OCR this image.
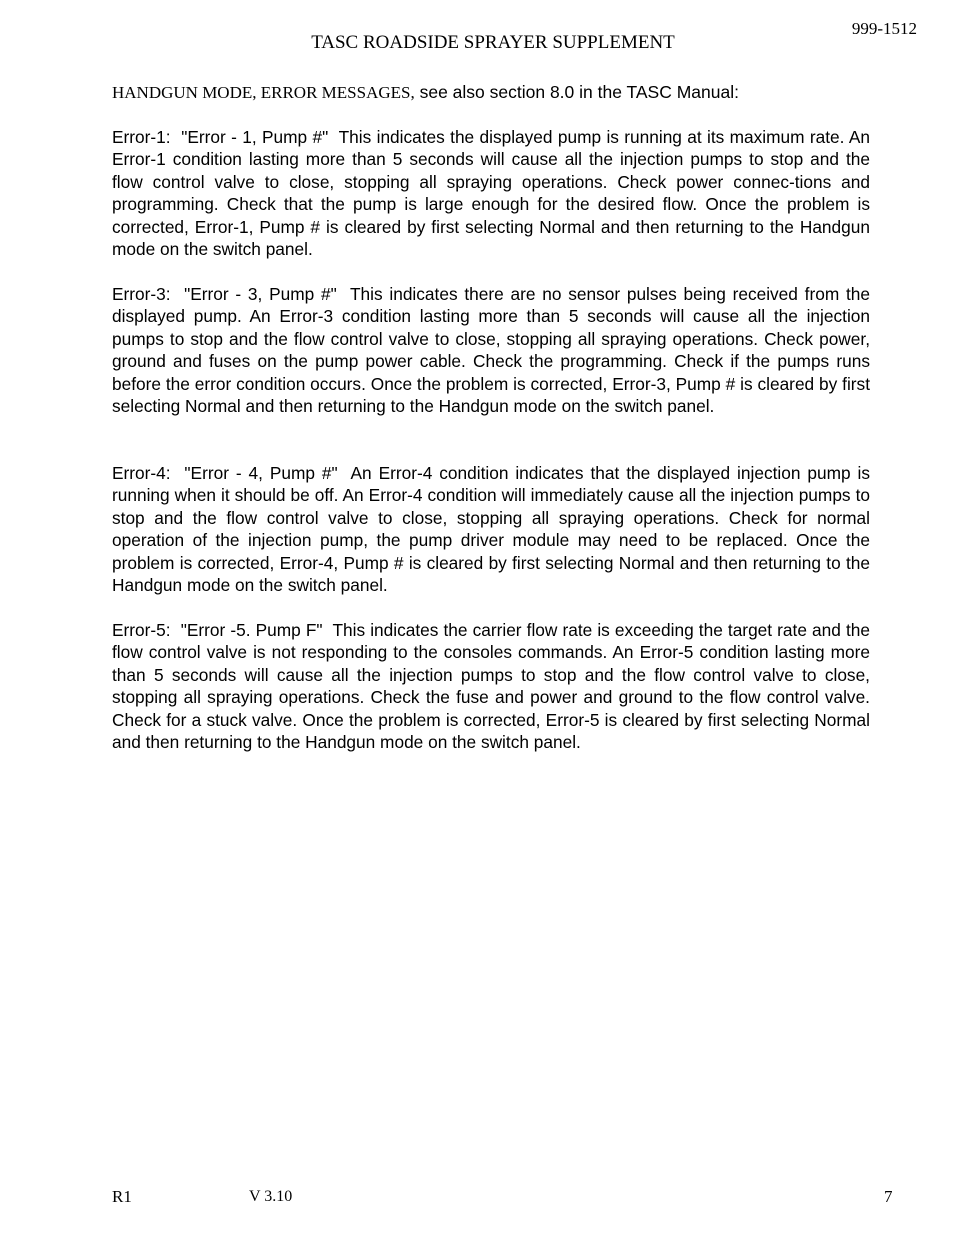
999-1512
TASC ROADSIDE SPRAYER SUPPLEMENT
HANDGUN MODE, ERROR MESSAGES, see also section 8.0 in the TASC Manual:

Error-1: "Error - 1, Pump #" This indicates the displayed pump is running at its maximum rate. An Error-1 condition lasting more than 5 seconds will cause all the injection pumps to stop and the flow control valve to close, stopping all spraying operations. Check power connec-tions and programming. Check that the pump is large enough for the desired flow. Once the problem is corrected, Error-1, Pump # is cleared by first selecting Normal and then returning to the Handgun mode on the switch panel.

Error-3: "Error - 3, Pump #" This indicates there are no sensor pulses being received from the displayed pump. An Error-3 condition lasting more than 5 seconds will cause all the injection pumps to stop and the flow control valve to close, stopping all spraying operations. Check power, ground and fuses on the pump power cable. Check the programming. Check if the pumps runs before the error condition occurs. Once the problem is corrected, Error-3, Pump # is cleared by first selecting Normal and then returning to the Handgun mode on the switch panel.

Error-4: "Error - 4, Pump #" An Error-4 condition indicates that the displayed injection pump is running when it should be off. An Error-4 condition will immediately cause all the injection pumps to stop and the flow control valve to close, stopping all spraying operations. Check for normal operation of the injection pump, the pump driver module may need to be replaced. Once the problem is corrected, Error-4, Pump # is cleared by first selecting Normal and then returning to the Handgun mode on the switch panel.

Error-5: "Error -5. Pump F" This indicates the carrier flow rate is exceeding the target rate and the flow control valve is not responding to the consoles commands. An Error-5 condition lasting more than 5 seconds will cause all the injection pumps to stop and the flow control valve to close, stopping all spraying operations. Check the fuse and power and ground to the flow control valve. Check for a stuck valve. Once the problem is corrected, Error-5 is cleared by first selecting Normal and then returning to the Handgun mode on the switch panel.

R1	V 3.10	7
